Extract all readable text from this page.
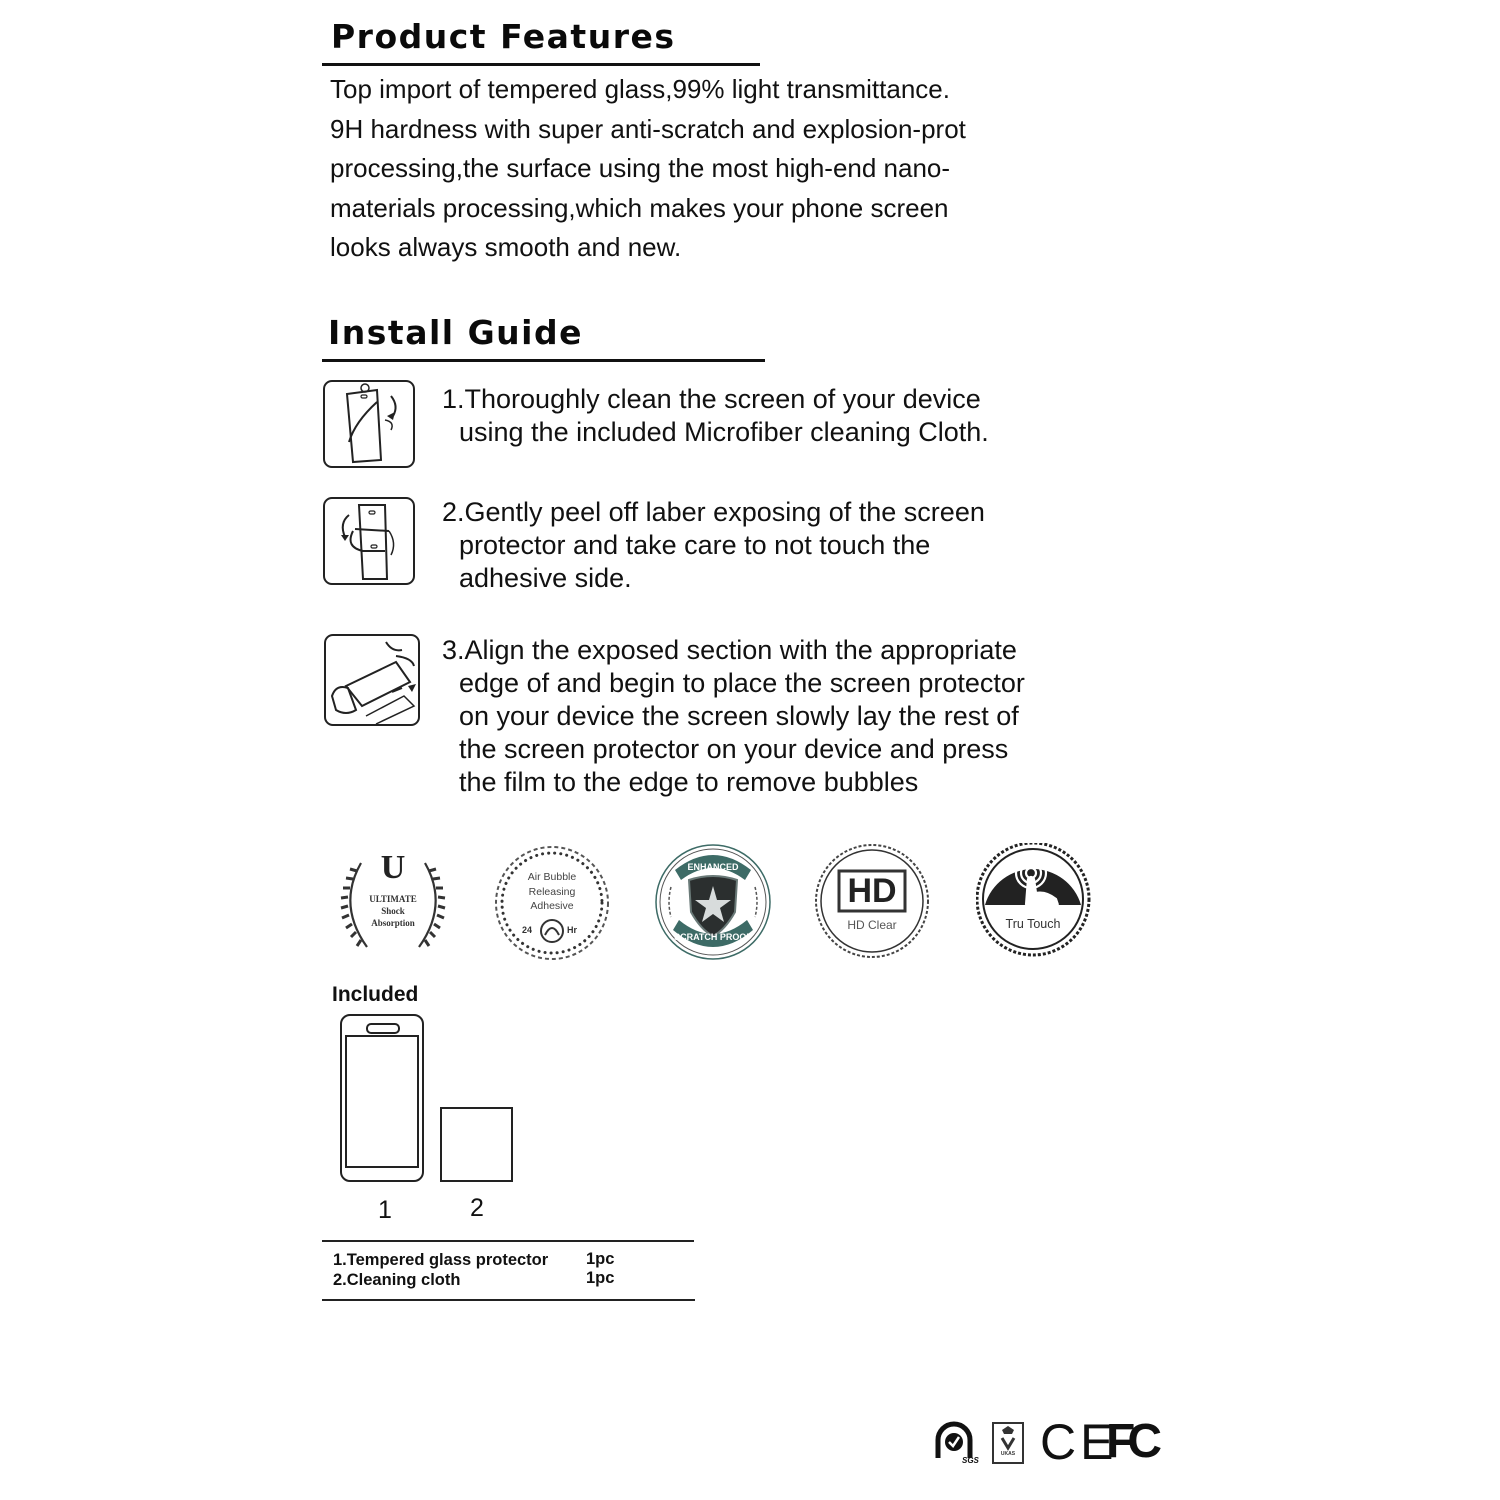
Product Features
Top import of tempered glass,99% light transmittance.
9H hardness with super anti-scratch and explosion-prot
processing,the surface using the most high-end nano-
materials processing,which makes your phone screen
looks always smooth and new.
Install Guide
1.Thoroughly clean the screen of your device
using the included Microfiber cleaning Cloth.
2.Gently peel off laber exposing of the screen
protector and take care to not touch the
adhesive side.
3.Align the exposed section with the appropriate
edge of and begin to place the screen protector
on your device the screen slowly lay the rest of
the screen protector on your device and press
the film to the edge to remove bubbles
U
ULTIMATE
Shock
Absorption
Air Bubble
Releasing
Adhesive
24	Hr
ENHANCED
SCRATCH PROOF
HD
HD Clear	Tru Touch
Included
1	2
1.Tempered glass protector 1pc
2.Cleaning cloth	1pc
SGS
UKAS CE
FC
